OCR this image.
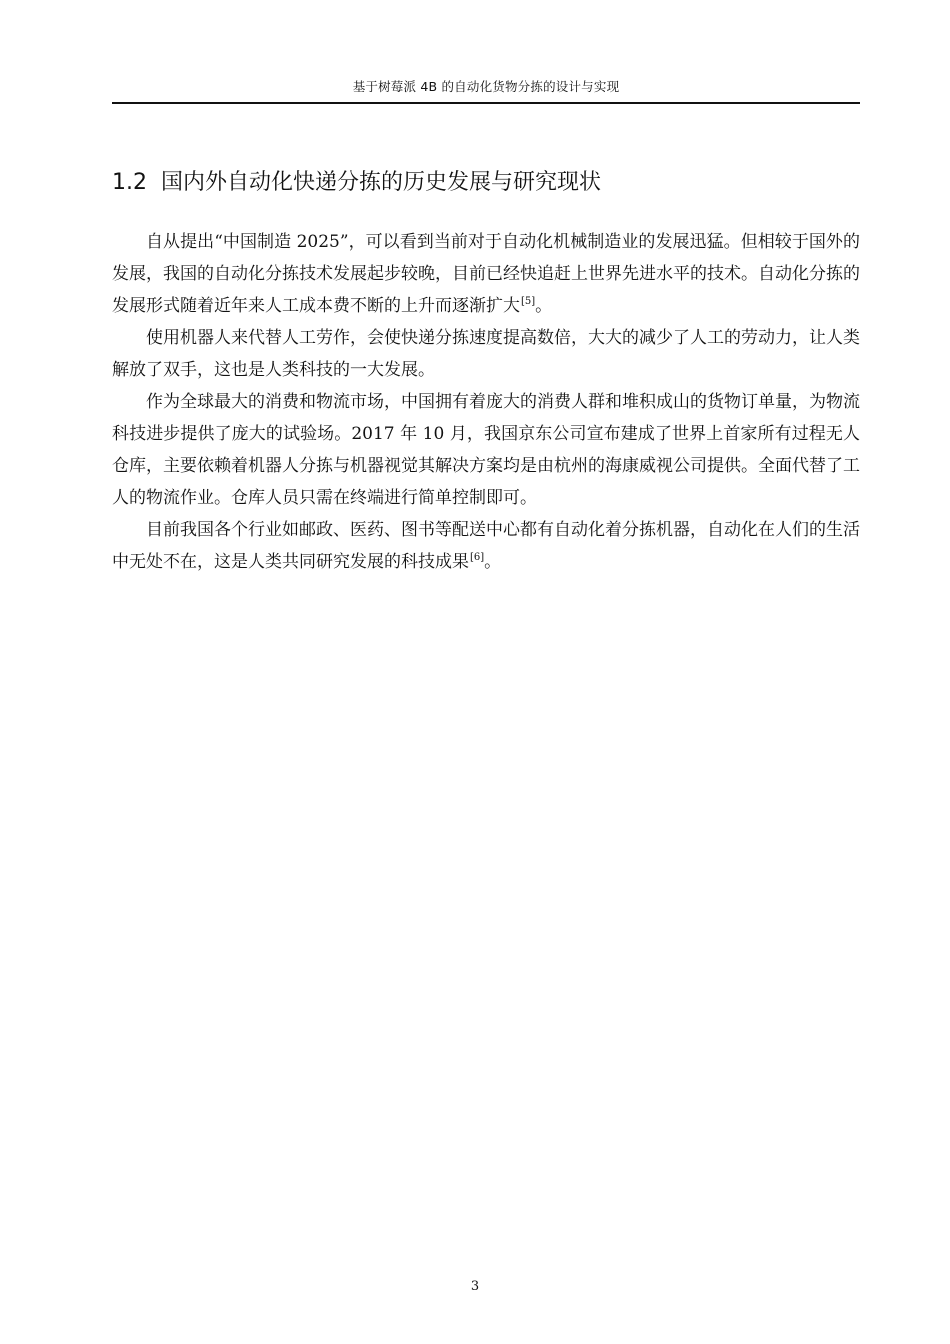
基于树莓派 4B 的自动化货物分拣的设计与实现
1.2 国内外自动化快递分拣的历史发展与研究现状

自从提出“中国制造 2025”，可以看到当前对于自动化机械制造业的发展迅猛。但相较于国外的发展，我国的自动化分拣技术发展起步较晚，目前已经快追赶上世界先进水平的技术。自动化分拣的发展形式随着近年来人工成本费不断的上升而逐渐扩大[5]。

使用机器人来代替人工劳作，会使快递分拣速度提高数倍，大大的减少了人工的劳动力，让人类解放了双手，这也是人类科技的一大发展。

作为全球最大的消费和物流市场，中国拥有着庞大的消费人群和堆积成山的货物订单量，为物流科技进步提供了庞大的试验场。2017 年 10 月，我国京东公司宣布建成了世界上首家所有过程无人仓库，主要依赖着机器人分拣与机器视觉其解决方案均是由杭州的海康威视公司提供。全面代替了工人的物流作业。仓库人员只需在终端进行简单控制即可。

目前我国各个行业如邮政、医药、图书等配送中心都有自动化着分拣机器，自动化在人们的生活中无处不在，这是人类共同研究发展的科技成果[6]。

3
